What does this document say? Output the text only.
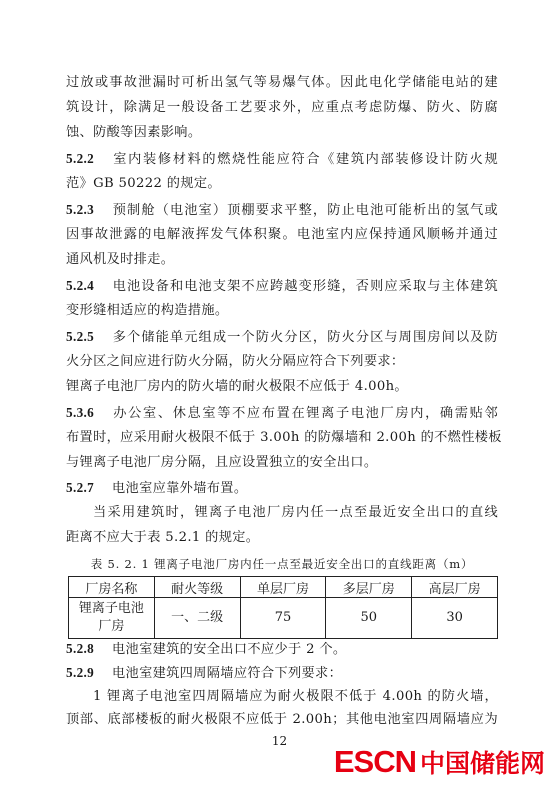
过放或事故泄漏时可析出氢气等易爆气体。因此电化学储能电站的建
筑设计，除满足一般设备工艺要求外，应重点考虑防爆、防火、防腐
蚀、防酸等因素影响。
5.2.2 室内装修材料的燃烧性能应符合《建筑内部装修设计防火规
范》GB 50222 的规定。
5.2.3 预制舱（电池室）顶棚要求平整，防止电池可能析出的氢气或
因事故泄露的电解液挥发气体积聚。电池室内应保持通风顺畅并通过
通风机及时排走。
5.2.4 电池设备和电池支架不应跨越变形缝，否则应采取与主体建筑
变形缝相适应的构造措施。
5.2.5 多个储能单元组成一个防火分区，防火分区与周围房间以及防
火分区之间应进行防火分隔，防火分隔应符合下列要求：
锂离子电池厂房内的防火墙的耐火极限不应低于 4.00h。
5.3.6 办公室、休息室等不应布置在锂离子电池厂房内，确需贴邻
布置时，应采用耐火极限不低于 3.00h 的防爆墙和 2.00h 的不燃性楼板
与锂离子电池厂房分隔，且应设置独立的安全出口。
5.2.7 电池室应靠外墙布置。
当采用建筑时，锂离子电池厂房内任一点至最近安全出口的直线
距离不应大于表 5.2.1 的规定。
表 5. 2. 1 锂离子电池厂房内任一点至最近安全出口的直线距离（m）
厂房名称	耐火等级	单层厂房	多层厂房	高层厂房
锂离子电池
厂房	一、二级	75	50	30
5.2.8 电池室建筑的安全出口不应少于 2 个。
5.2.9 电池室建筑四周隔墙应符合下列要求：
1 锂离子电池室四周隔墙应为耐火极限不低于 4.00h 的防火墙，
顶部、底部楼板的耐火极限不应低于 2.00h；其他电池室四周隔墙应为
12
ESCN 中国储能网
